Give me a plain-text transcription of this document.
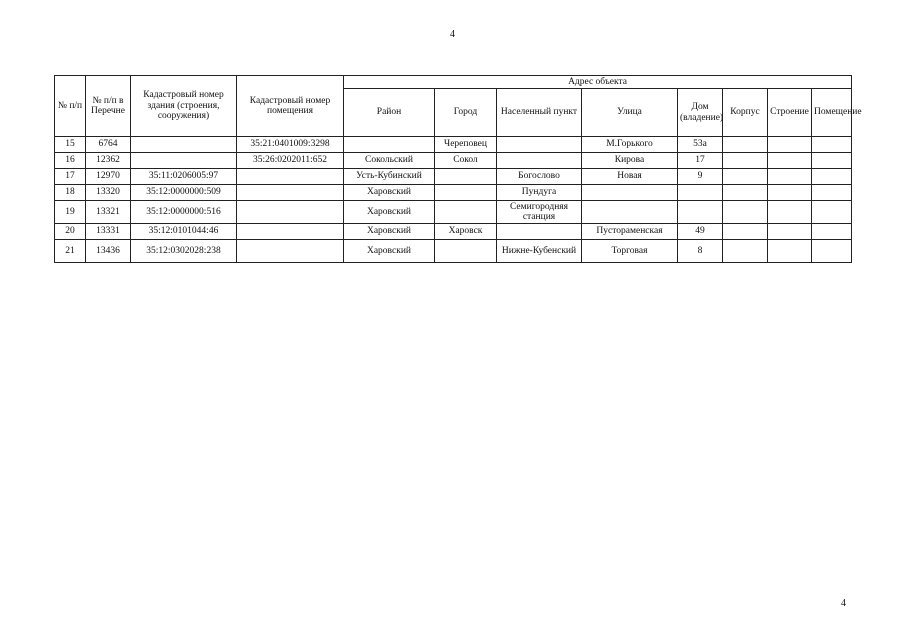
4
№ п/п	№ п/п в Перечне	Кадастровый номер здания (строения, сооружения)	Кадастровый номер помещения	Адрес объекта							
				Район	Город	Населенный пункт	Улица	Дом (владение)	Корпус	Строение	Помещение
15	6764		35:21:0401009:3298		Череповец		М.Горького	53а			
16	12362		35:26:0202011:652	Сокольский	Сокол		Кирова	17			
17	12970	35:11:0206005:97		Усть-Кубинский		Богослово	Новая	9			
18	13320	35:12:0000000:509		Харовский		Пундуга					
19	13321	35:12:0000000:516		Харовский		Семигородняя станция					
20	13331	35:12:0101044:46		Харовский	Харовск		Пустораменская	49			
21	13436	35:12:0302028:238		Харовский		Нижне-Кубенский	Торговая	8			
4
